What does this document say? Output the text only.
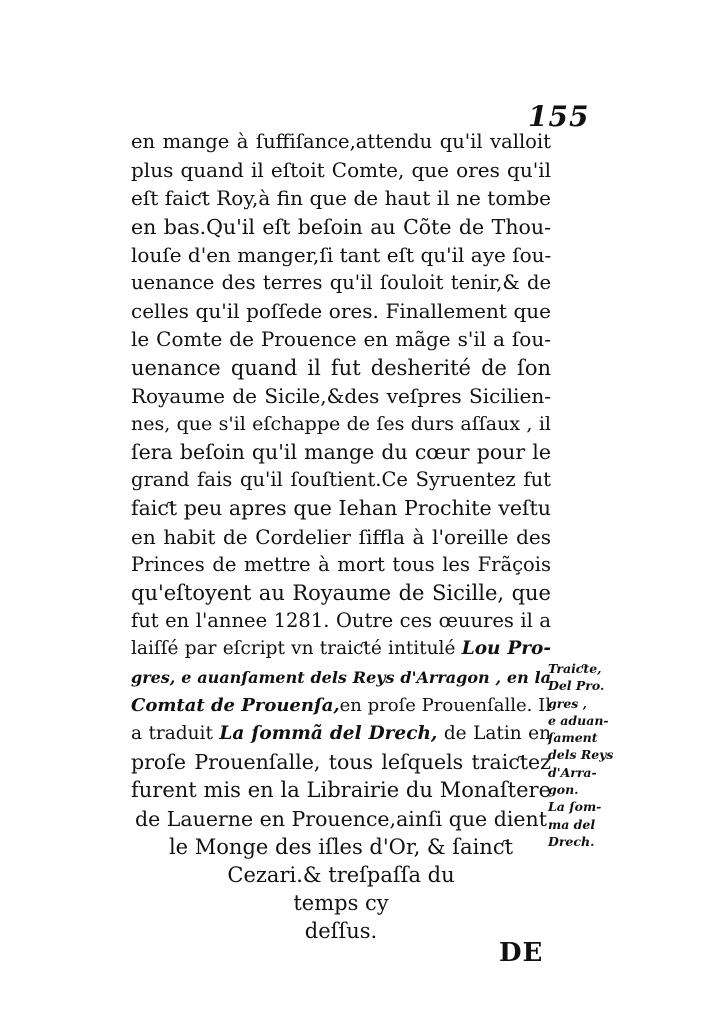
155
en mange à ſuffiſance,attendu qu'il valloit
plus quand il eſtoit Comte, que ores qu'il
eſt faiƈt Roy,à fin que de haut il ne tombe
en bas.Qu'il eſt beſoin au Cõte de Thou-
louſe d'en manger,ſi tant eſt qu'il aye ſou-
uenance des terres qu'il ſouloit tenir,& de
celles qu'il poſſede ores. Finallement que
le Comte de Prouence en mãge s'il a ſou-
uenance quand il fut desherité de ſon
Royaume de Sicile,&des veſpres Sicilien-
nes, que s'il eſchappe de ſes durs aſſaux , il
ſera beſoin qu'il mange du cœur pour le
grand fais qu'il ſouſtient.Ce Syruentez fut
faiƈt peu apres que Iehan Prochite veſtu
en habit de Cordelier ſiffla à l'oreille des
Princes de mettre à mort tous les Frãçois
qu'eſtoyent au Royaume de Sicille, que
fut en l'annee 1281. Outre ces œuures il a
laiſſé par eſcript vn traiƈté intitulé Lou Pro-
gres, e auanſament dels Reys d'Arragon , en la
Comtat de Prouenſa,en proſe Prouenſalle. Il
a traduit La ſommã del Drech, de Latin en
proſe Prouenſalle, tous leſquels traiƈtez
furent mis en la Librairie du Monaſtere
de Lauerne en Prouence,ainſi que dient
le Monge des iſles d'Or, & ſainƈt
Cezari.& treſpaſſa du
temps cy
deſſus.
Traiƈte,
Del Pro.
gres ,
e aduan-
ſament
dels Reys
d'Arra-
gon.
La ſom-
ma del
Drech.
DE
